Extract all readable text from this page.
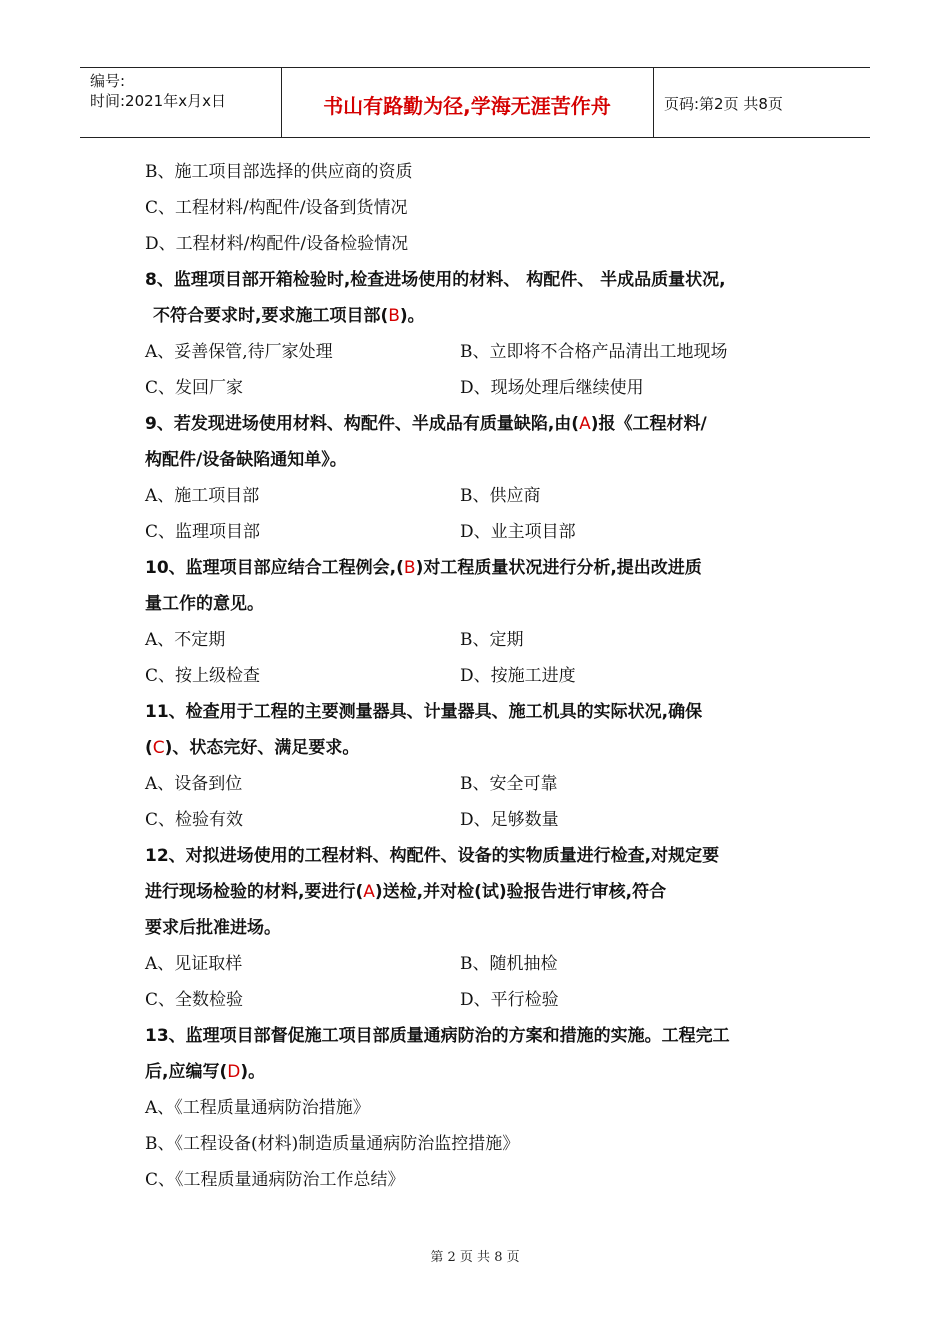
编号:
时间:2021年x月x日	书山有路勤为径,学海无涯苦作舟	页码:第2页 共8页
B、施工项目部选择的供应商的资质
C、工程材料/构配件/设备到货情况
D、工程材料/构配件/设备检验情况
8、监理项目部开箱检验时,检查进场使用的材料、 构配件、 半成品质量状况,
不符合要求时,要求施工项目部(B)。
A、妥善保管,待厂家处理	B、立即将不合格产品清出工地现场
C、发回厂家	D、现场处理后继续使用
9、若发现进场使用材料、构配件、半成品有质量缺陷,由(A)报《工程材料/
构配件/设备缺陷通知单》。
A、施工项目部	B、供应商
C、监理项目部	D、业主项目部
10、监理项目部应结合工程例会,(B)对工程质量状况进行分析,提出改进质
量工作的意见。
A、不定期	B、定期
C、按上级检查	D、按施工进度
11、检查用于工程的主要测量器具、计量器具、施工机具的实际状况,确保
(C)、状态完好、满足要求。
A、设备到位	B、安全可靠
C、检验有效	D、足够数量
12、对拟进场使用的工程材料、构配件、设备的实物质量进行检查,对规定要
进行现场检验的材料,要进行(A)送检,并对检(试)验报告进行审核,符合
要求后批准进场。
A、见证取样	B、随机抽检
C、全数检验	D、平行检验
13、监理项目部督促施工项目部质量通病防治的方案和措施的实施。工程完工
后,应编写(D)。
A、《工程质量通病防治措施》
B、《工程设备(材料)制造质量通病防治监控措施》
C、《工程质量通病防治工作总结》
第 2 页 共 8 页
